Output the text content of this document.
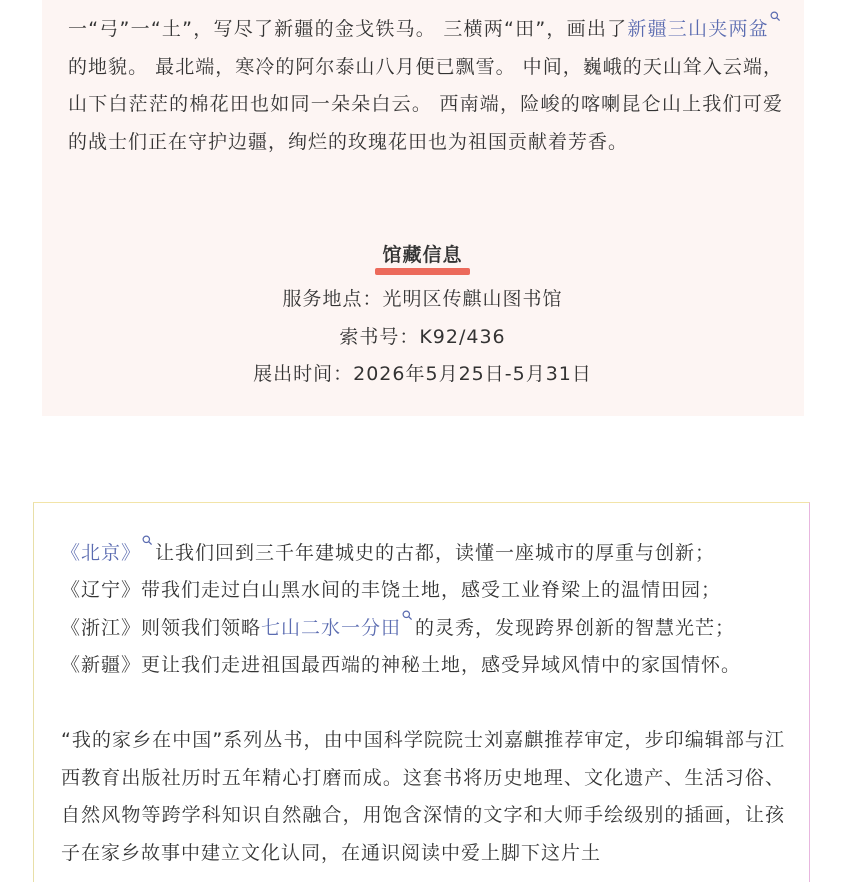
一“弓”一“土”，写尽了新疆的金戈铁马。 三横两“田”，画出了新疆三山夹两盆
的地貌。 最北端，寒冷的阿尔泰山八月便已飘雪。 中间，巍峨的天山耸入云端，山下白茫茫的棉花田也如同一朵朵白云。 西南端，险峻的喀喇昆仑山上我们可爱的战士们正在守护边疆，绚烂的玫瑰花田也为祖国贡献着芳香。

馆藏信息
服务地点：光明区传麒山图书馆
索书号：K92/436
展出时间：2026年5月25日-5月31日

《北京》 让我们回到三千年建城史的古都，读懂一座城市的厚重与创新；

《辽宁》带我们走过白山黑水间的丰饶土地，感受工业脊梁上的温情田园；

《浙江》则领我们领略七山二水一分田 的灵秀，发现跨界创新的智慧光芒；

《新疆》更让我们走进祖国最西端的神秘土地，感受异域风情中的家国情怀。

“我的家乡在中国”系列丛书，由中国科学院院士刘嘉麒推荐审定，步印编辑部与江西教育出版社历时五年精心打磨而成。这套书将历史地理、文化遗产、生活习俗、自然风物等跨学科知识自然融合，用饱含深情的文字和大师手绘级别的插画，让孩子在家乡故事中建立文化认同，在通识阅读中爱上脚下这片土
